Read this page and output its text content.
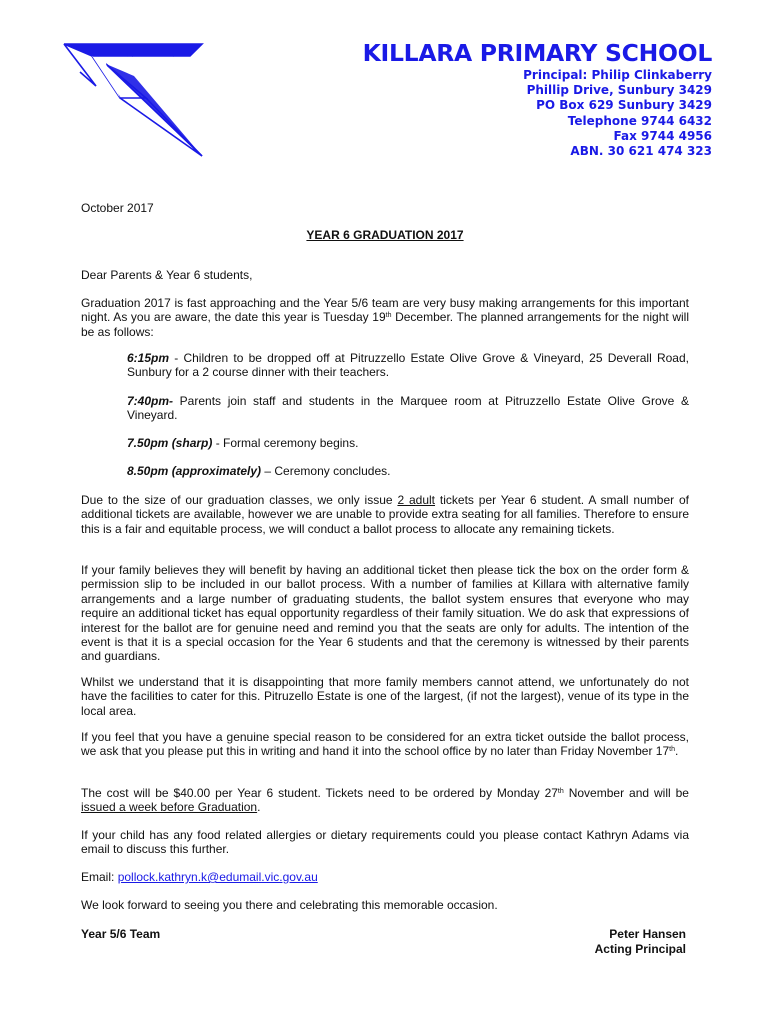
KILLARA PRIMARY SCHOOL
Principal: Philip Clinkaberry
Phillip Drive, Sunbury 3429
PO Box 629 Sunbury 3429
Telephone 9744 6432
Fax 9744 4956
ABN. 30 621 474 323
October 2017
YEAR 6 GRADUATION 2017
Dear Parents & Year 6 students,

Graduation 2017 is fast approaching and the Year 5/6 team are very busy making arrangements for this important night. As you are aware, the date this year is Tuesday 19th December. The planned arrangements for the night will be as follows:

6:15pm - Children to be dropped off at Pitruzzello Estate Olive Grove & Vineyard, 25 Deverall Road, Sunbury for a 2 course dinner with their teachers.

7:40pm- Parents join staff and students in the Marquee room at Pitruzzello Estate Olive Grove & Vineyard.

7.50pm (sharp) - Formal ceremony begins.

8.50pm (approximately) – Ceremony concludes.

Due to the size of our graduation classes, we only issue 2 adult tickets per Year 6 student. A small number of additional tickets are available, however we are unable to provide extra seating for all families. Therefore to ensure this is a fair and equitable process, we will conduct a ballot process to allocate any remaining tickets.

If your family believes they will benefit by having an additional ticket then please tick the box on the order form & permission slip to be included in our ballot process. With a number of families at Killara with alternative family arrangements and a large number of graduating students, the ballot system ensures that everyone who may require an additional ticket has equal opportunity regardless of their family situation. We do ask that expressions of interest for the ballot are for genuine need and remind you that the seats are only for adults. The intention of the event is that it is a special occasion for the Year 6 students and that the ceremony is witnessed by their parents and guardians.

Whilst we understand that it is disappointing that more family members cannot attend, we unfortunately do not have the facilities to cater for this. Pitruzello Estate is one of the largest, (if not the largest), venue of its type in the local area.

If you feel that you have a genuine special reason to be considered for an extra ticket outside the ballot process, we ask that you please put this in writing and hand it into the school office by no later than Friday November 17th.

The cost will be $40.00 per Year 6 student. Tickets need to be ordered by Monday 27th November and will be issued a week before Graduation.

If your child has any food related allergies or dietary requirements could you please contact Kathryn Adams via email to discuss this further.

Email: pollock.kathryn.k@edumail.vic.gov.au
We look forward to seeing you there and celebrating this memorable occasion.
Year 5/6 Team	Peter Hansen
Acting Principal
